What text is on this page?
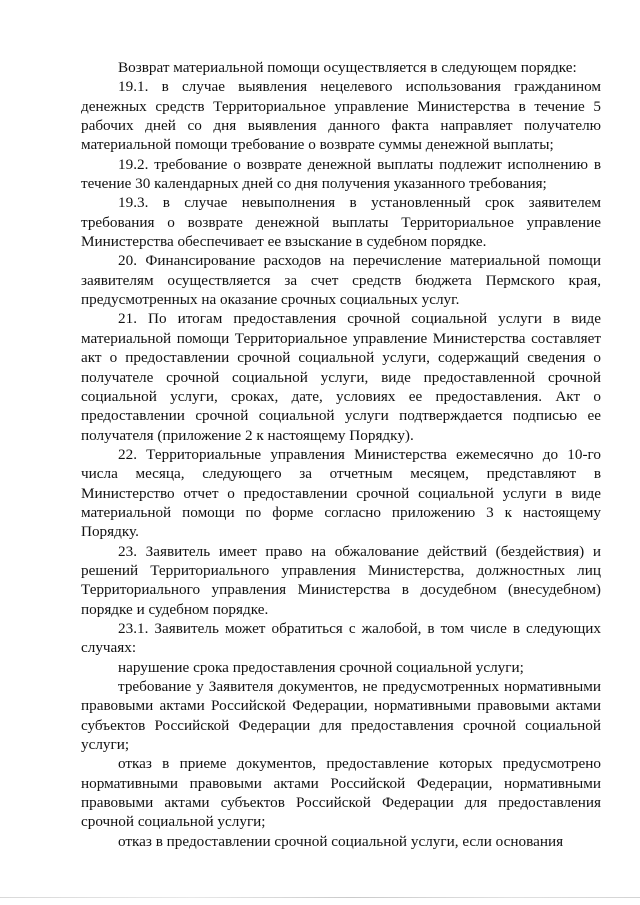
Возврат материальной помощи осуществляется в следующем порядке:

19.1. в случае выявления нецелевого использования гражданином денежных средств Территориальное управление Министерства в течение 5 рабочих дней со дня выявления данного факта направляет получателю материальной помощи требование о возврате суммы денежной выплаты;

19.2. требование о возврате денежной выплаты подлежит исполнению в течение 30 календарных дней со дня получения указанного требования;

19.3. в случае невыполнения в установленный срок заявителем требования о возврате денежной выплаты Территориальное управление Министерства обеспечивает ее взыскание в судебном порядке.

20. Финансирование расходов на перечисление материальной помощи заявителям осуществляется за счет средств бюджета Пермского края, предусмотренных на оказание срочных социальных услуг.

21. По итогам предоставления срочной социальной услуги в виде материальной помощи Территориальное управление Министерства составляет акт о предоставлении срочной социальной услуги, содержащий сведения о получателе срочной социальной услуги, виде предоставленной срочной социальной услуги, сроках, дате, условиях ее предоставления. Акт о предоставлении срочной социальной услуги подтверждается подписью ее получателя (приложение 2 к настоящему Порядку).

22. Территориальные управления Министерства ежемесячно до 10-го числа месяца, следующего за отчетным месяцем, представляют в Министерство отчет о предоставлении срочной социальной услуги в виде материальной помощи по форме согласно приложению 3 к настоящему Порядку.

23. Заявитель имеет право на обжалование действий (бездействия) и решений Территориального управления Министерства, должностных лиц Территориального управления Министерства в досудебном (внесудебном) порядке и судебном порядке.

23.1. Заявитель может обратиться с жалобой, в том числе в следующих случаях:

нарушение срока предоставления срочной социальной услуги;

требование у Заявителя документов, не предусмотренных нормативными правовыми актами Российской Федерации, нормативными правовыми актами субъектов Российской Федерации для предоставления срочной социальной услуги;

отказ в приеме документов, предоставление которых предусмотрено нормативными правовыми актами Российской Федерации, нормативными правовыми актами субъектов Российской Федерации для предоставления срочной социальной услуги;

отказ в предоставлении срочной социальной услуги, если основания
